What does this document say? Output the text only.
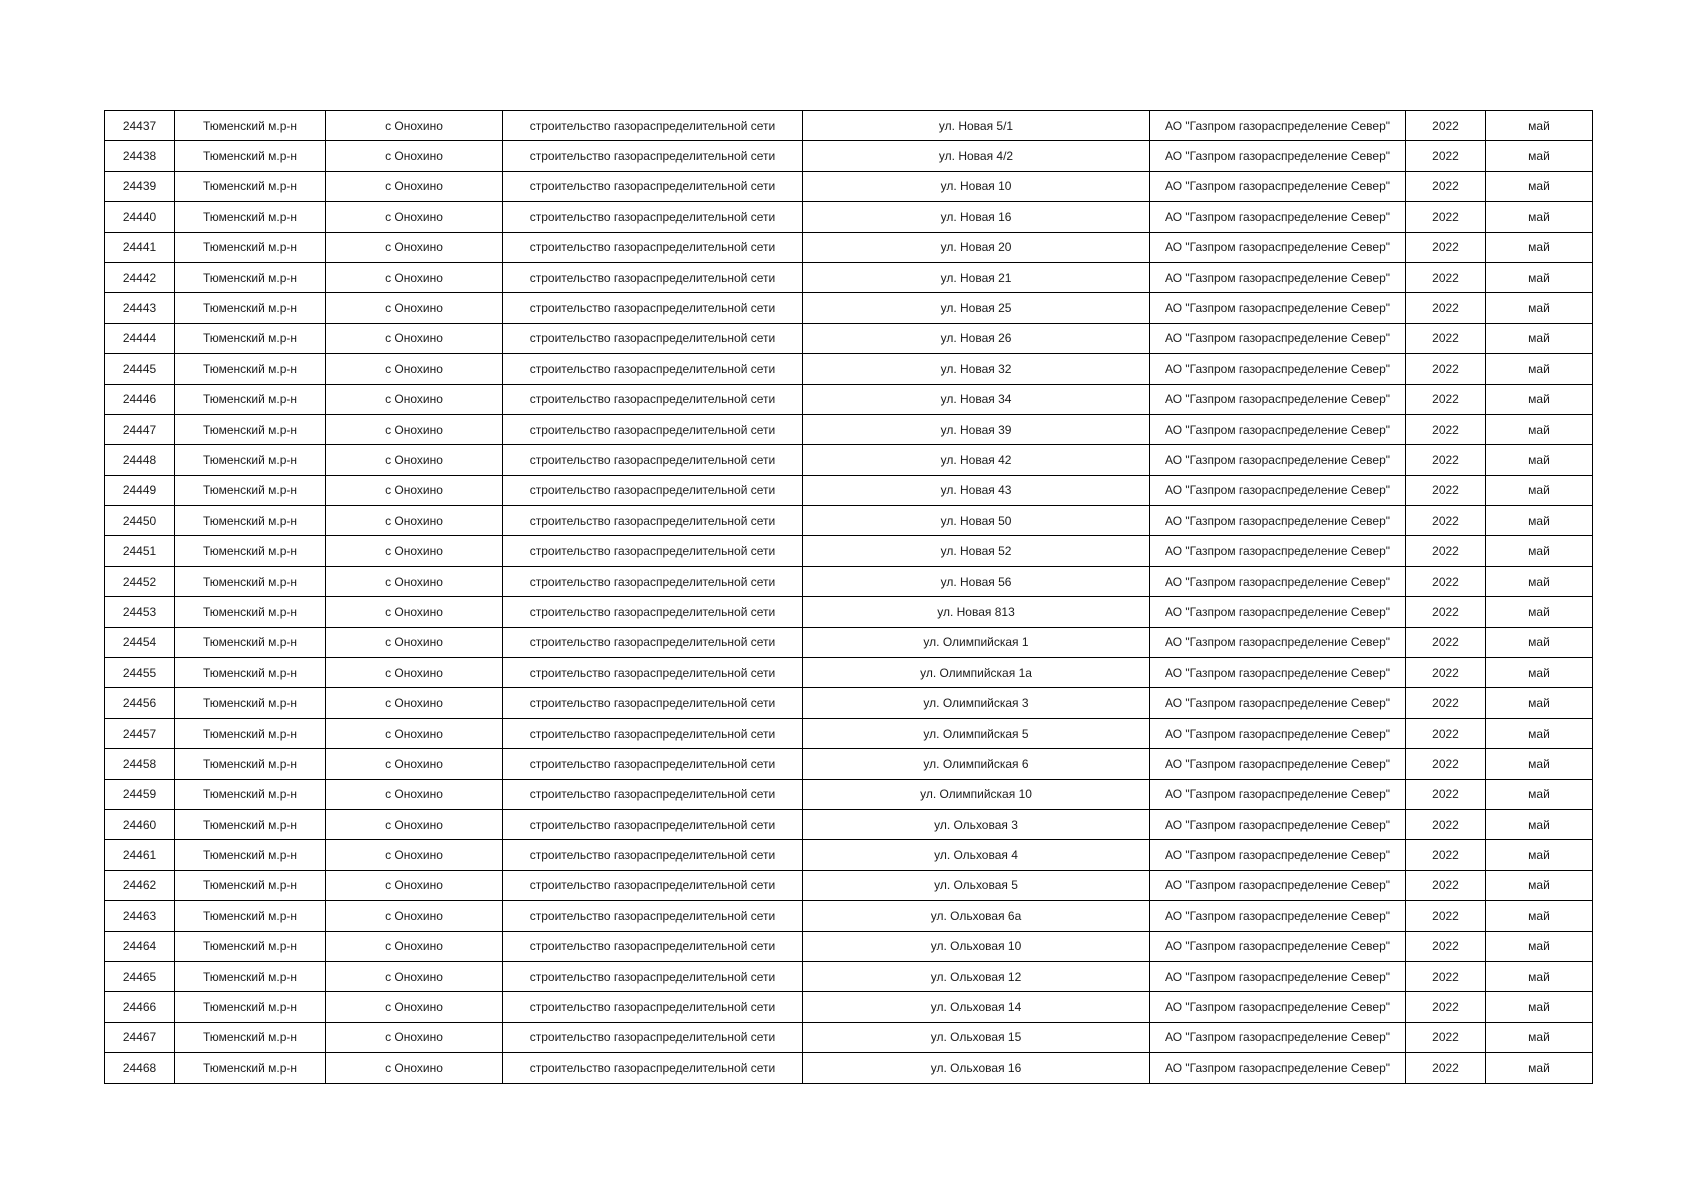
24437	Тюменский м.р-н	с Онохино	строительство газораспределительной сети	ул. Новая 5/1	АО "Газпром газораспределение Север"	2022	май
24438	Тюменский м.р-н	с Онохино	строительство газораспределительной сети	ул. Новая 4/2	АО "Газпром газораспределение Север"	2022	май
24439	Тюменский м.р-н	с Онохино	строительство газораспределительной сети	ул. Новая 10	АО "Газпром газораспределение Север"	2022	май
24440	Тюменский м.р-н	с Онохино	строительство газораспределительной сети	ул. Новая 16	АО "Газпром газораспределение Север"	2022	май
24441	Тюменский м.р-н	с Онохино	строительство газораспределительной сети	ул. Новая 20	АО "Газпром газораспределение Север"	2022	май
24442	Тюменский м.р-н	с Онохино	строительство газораспределительной сети	ул. Новая 21	АО "Газпром газораспределение Север"	2022	май
24443	Тюменский м.р-н	с Онохино	строительство газораспределительной сети	ул. Новая 25	АО "Газпром газораспределение Север"	2022	май
24444	Тюменский м.р-н	с Онохино	строительство газораспределительной сети	ул. Новая 26	АО "Газпром газораспределение Север"	2022	май
24445	Тюменский м.р-н	с Онохино	строительство газораспределительной сети	ул. Новая 32	АО "Газпром газораспределение Север"	2022	май
24446	Тюменский м.р-н	с Онохино	строительство газораспределительной сети	ул. Новая 34	АО "Газпром газораспределение Север"	2022	май
24447	Тюменский м.р-н	с Онохино	строительство газораспределительной сети	ул. Новая 39	АО "Газпром газораспределение Север"	2022	май
24448	Тюменский м.р-н	с Онохино	строительство газораспределительной сети	ул. Новая 42	АО "Газпром газораспределение Север"	2022	май
24449	Тюменский м.р-н	с Онохино	строительство газораспределительной сети	ул. Новая 43	АО "Газпром газораспределение Север"	2022	май
24450	Тюменский м.р-н	с Онохино	строительство газораспределительной сети	ул. Новая 50	АО "Газпром газораспределение Север"	2022	май
24451	Тюменский м.р-н	с Онохино	строительство газораспределительной сети	ул. Новая 52	АО "Газпром газораспределение Север"	2022	май
24452	Тюменский м.р-н	с Онохино	строительство газораспределительной сети	ул. Новая 56	АО "Газпром газораспределение Север"	2022	май
24453	Тюменский м.р-н	с Онохино	строительство газораспределительной сети	ул. Новая 813	АО "Газпром газораспределение Север"	2022	май
24454	Тюменский м.р-н	с Онохино	строительство газораспределительной сети	ул. Олимпийская 1	АО "Газпром газораспределение Север"	2022	май
24455	Тюменский м.р-н	с Онохино	строительство газораспределительной сети	ул. Олимпийская 1а	АО "Газпром газораспределение Север"	2022	май
24456	Тюменский м.р-н	с Онохино	строительство газораспределительной сети	ул. Олимпийская 3	АО "Газпром газораспределение Север"	2022	май
24457	Тюменский м.р-н	с Онохино	строительство газораспределительной сети	ул. Олимпийская 5	АО "Газпром газораспределение Север"	2022	май
24458	Тюменский м.р-н	с Онохино	строительство газораспределительной сети	ул. Олимпийская 6	АО "Газпром газораспределение Север"	2022	май
24459	Тюменский м.р-н	с Онохино	строительство газораспределительной сети	ул. Олимпийская 10	АО "Газпром газораспределение Север"	2022	май
24460	Тюменский м.р-н	с Онохино	строительство газораспределительной сети	ул. Ольховая 3	АО "Газпром газораспределение Север"	2022	май
24461	Тюменский м.р-н	с Онохино	строительство газораспределительной сети	ул. Ольховая 4	АО "Газпром газораспределение Север"	2022	май
24462	Тюменский м.р-н	с Онохино	строительство газораспределительной сети	ул. Ольховая 5	АО "Газпром газораспределение Север"	2022	май
24463	Тюменский м.р-н	с Онохино	строительство газораспределительной сети	ул. Ольховая 6а	АО "Газпром газораспределение Север"	2022	май
24464	Тюменский м.р-н	с Онохино	строительство газораспределительной сети	ул. Ольховая 10	АО "Газпром газораспределение Север"	2022	май
24465	Тюменский м.р-н	с Онохино	строительство газораспределительной сети	ул. Ольховая 12	АО "Газпром газораспределение Север"	2022	май
24466	Тюменский м.р-н	с Онохино	строительство газораспределительной сети	ул. Ольховая 14	АО "Газпром газораспределение Север"	2022	май
24467	Тюменский м.р-н	с Онохино	строительство газораспределительной сети	ул. Ольховая 15	АО "Газпром газораспределение Север"	2022	май
24468	Тюменский м.р-н	с Онохино	строительство газораспределительной сети	ул. Ольховая 16	АО "Газпром газораспределение Север"	2022	май
